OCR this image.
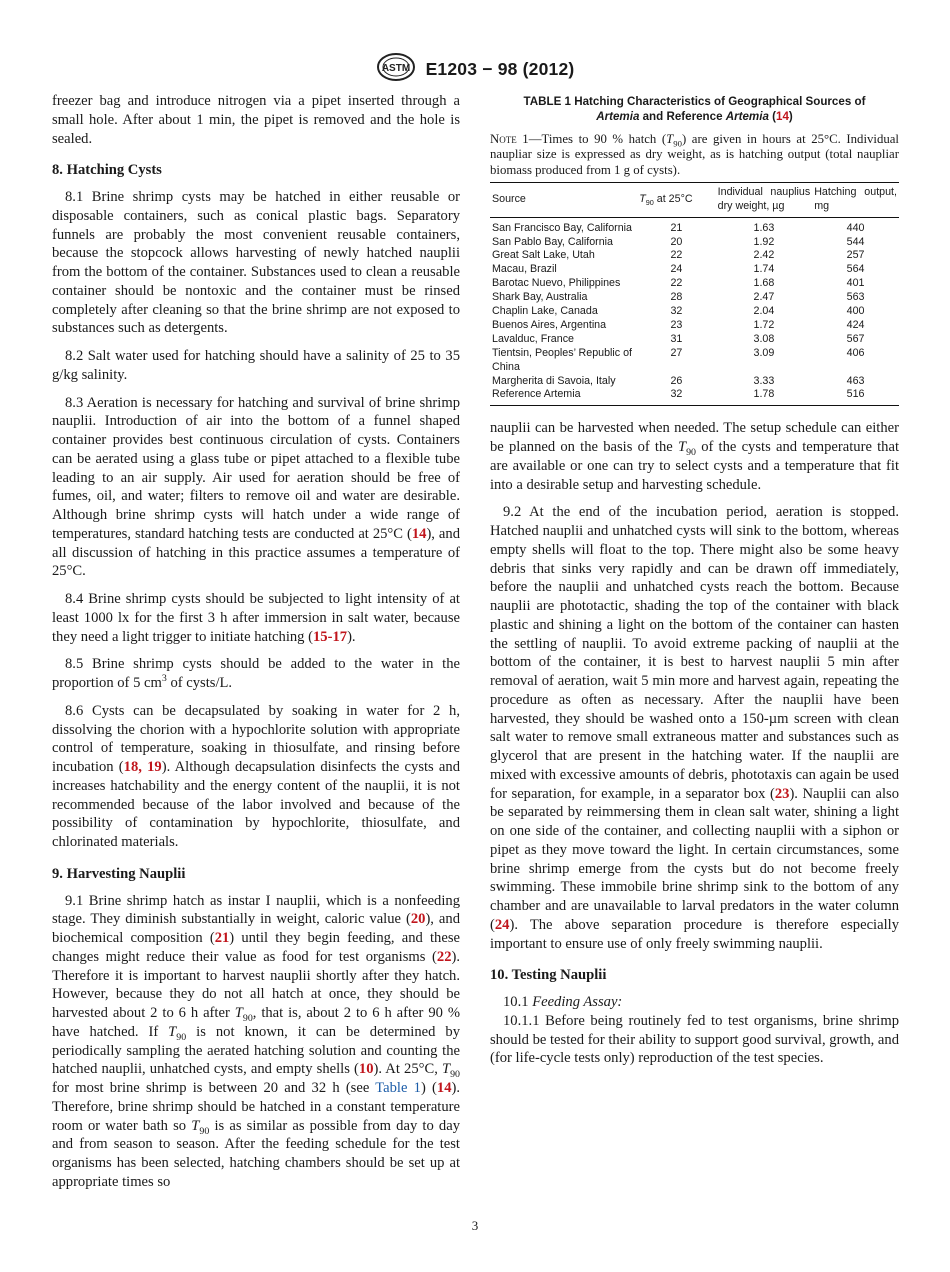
ASTM E1203 − 98 (2012)

freezer bag and introduce nitrogen via a pipet inserted through a small hole. After about 1 min, the pipet is removed and the hole is sealed.

8. Hatching Cysts

8.1 Brine shrimp cysts may be hatched in either reusable or disposable containers, such as conical plastic bags. Separatory funnels are probably the most convenient reusable containers, because the stopcock allows harvesting of newly hatched nauplii from the bottom of the container. Substances used to clean a reusable container should be nontoxic and the container must be rinsed completely after cleaning so that the brine shrimp are not exposed to substances such as detergents.

8.2 Salt water used for hatching should have a salinity of 25 to 35 g/kg salinity.

8.3 Aeration is necessary for hatching and survival of brine shrimp nauplii. Introduction of air into the bottom of a funnel shaped container provides best continuous circulation of cysts. Containers can be aerated using a glass tube or pipet attached to a flexible tube leading to an air supply. Air used for aeration should be free of fumes, oil, and water; filters to remove oil and water are desirable. Although brine shrimp cysts will hatch under a wide range of temperatures, standard hatching tests are conducted at 25°C (14), and all discussion of hatching in this practice assumes a temperature of 25°C.

8.4 Brine shrimp cysts should be subjected to light intensity of at least 1000 lx for the first 3 h after immersion in salt water, because they need a light trigger to initiate hatching (15-17).

8.5 Brine shrimp cysts should be added to the water in the proportion of 5 $cm^3$ of cysts/L.

8.6 Cysts can be decapsulated by soaking in water for 2 h, dissolving the chorion with a hypochlorite solution with appropriate control of temperature, soaking in thiosulfate, and rinsing before incubation (18, 19). Although decapsulation disinfects the cysts and increases hatchability and the energy content of the nauplii, it is not recommended because of the labor involved and because of the possibility of contamination by hypochlorite, thiosulfate, and chlorinated materials.

9. Harvesting Nauplii

9.1 Brine shrimp hatch as instar I nauplii, which is a nonfeeding stage. They diminish substantially in weight, caloric value (20), and biochemical composition (21) until they begin feeding, and these changes might reduce their value as food for test organisms (22). Therefore it is important to harvest nauplii shortly after they hatch. However, because they do not all hatch at once, they should be harvested about 2 to 6 h after $T_{90}$, that is, about 2 to 6 h after 90 % have hatched. If $T_{90}$ is not known, it can be determined by periodically sampling the aerated hatching solution and counting the hatched nauplii, unhatched cysts, and empty shells (10). At 25°C, $T_{90}$ for most brine shrimp is between 20 and 32 h (see Table 1) (14). Therefore, brine shrimp should be hatched in a constant temperature room or water bath so $T_{90}$ is as similar as possible from day to day and from season to season. After the feeding schedule for the test organisms has been selected, hatching chambers should be set up at appropriate times so

TABLE 1 Hatching Characteristics of Geographical Sources of
Artemia and Reference Artemia (14)
Note 1—Times to 90 % hatch $(T_{90})$ are given in hours at 25°C. Individual naupliar size is expressed as dry weight, as is hatching output (total naupliar biomass produced from 1 g of cysts).
Source	$T_{90}$ at 25°C	Individual nauplius dry weight, µg	Hatching output, mg
San Francisco Bay, California	21	1.63	440
San Pablo Bay, California	20	1.92	544
Great Salt Lake, Utah	22	2.42	257
Macau, Brazil	24	1.74	564
Barotac Nuevo, Philippines	22	1.68	401
Shark Bay, Australia	28	2.47	563
Chaplin Lake, Canada	32	2.04	400
Buenos Aires, Argentina	23	1.72	424
Lavalduc, France	31	3.08	567
Tientsin, Peoples’ Republic of China	27	3.09	406
Margherita di Savoia, Italy	26	3.33	463
Reference Artemia	32	1.78	516

nauplii can be harvested when needed. The setup schedule can either be planned on the basis of the $T_{90}$ of the cysts and temperature that are available or one can try to select cysts and a temperature that fit into a desirable setup and harvesting schedule.

9.2 At the end of the incubation period, aeration is stopped. Hatched nauplii and unhatched cysts will sink to the bottom, whereas empty shells will float to the top. There might also be some heavy debris that sinks very rapidly and can be drawn off immediately, before the nauplii and unhatched cysts reach the bottom. Because nauplii are phototactic, shading the top of the container with black plastic and shining a light on the bottom of the container can hasten the settling of nauplii. To avoid extreme packing of nauplii at the bottom of the container, it is best to harvest nauplii 5 min after removal of aeration, wait 5 min more and harvest again, repeating the procedure as often as necessary. After the nauplii have been harvested, they should be washed onto a 150-µm screen with clean salt water to remove small extraneous matter and substances such as glycerol that are present in the hatching water. If the nauplii are mixed with excessive amounts of debris, phototaxis can again be used for separation, for example, in a separator box (23). Nauplii can also be separated by reimmersing them in clean salt water, shining a light on one side of the container, and collecting nauplii with a siphon or pipet as they move toward the light. In certain circumstances, some brine shrimp emerge from the cysts but do not become freely swimming. These immobile brine shrimp sink to the bottom of any chamber and are unavailable to larval predators in the water column (24). The above separation procedure is therefore especially important to ensure use of only freely swimming nauplii.

10. Testing Nauplii

10.1 Feeding Assay:

10.1.1 Before being routinely fed to test organisms, brine shrimp should be tested for their ability to support good survival, growth, and (for life-cycle tests only) reproduction of the test species.

3
